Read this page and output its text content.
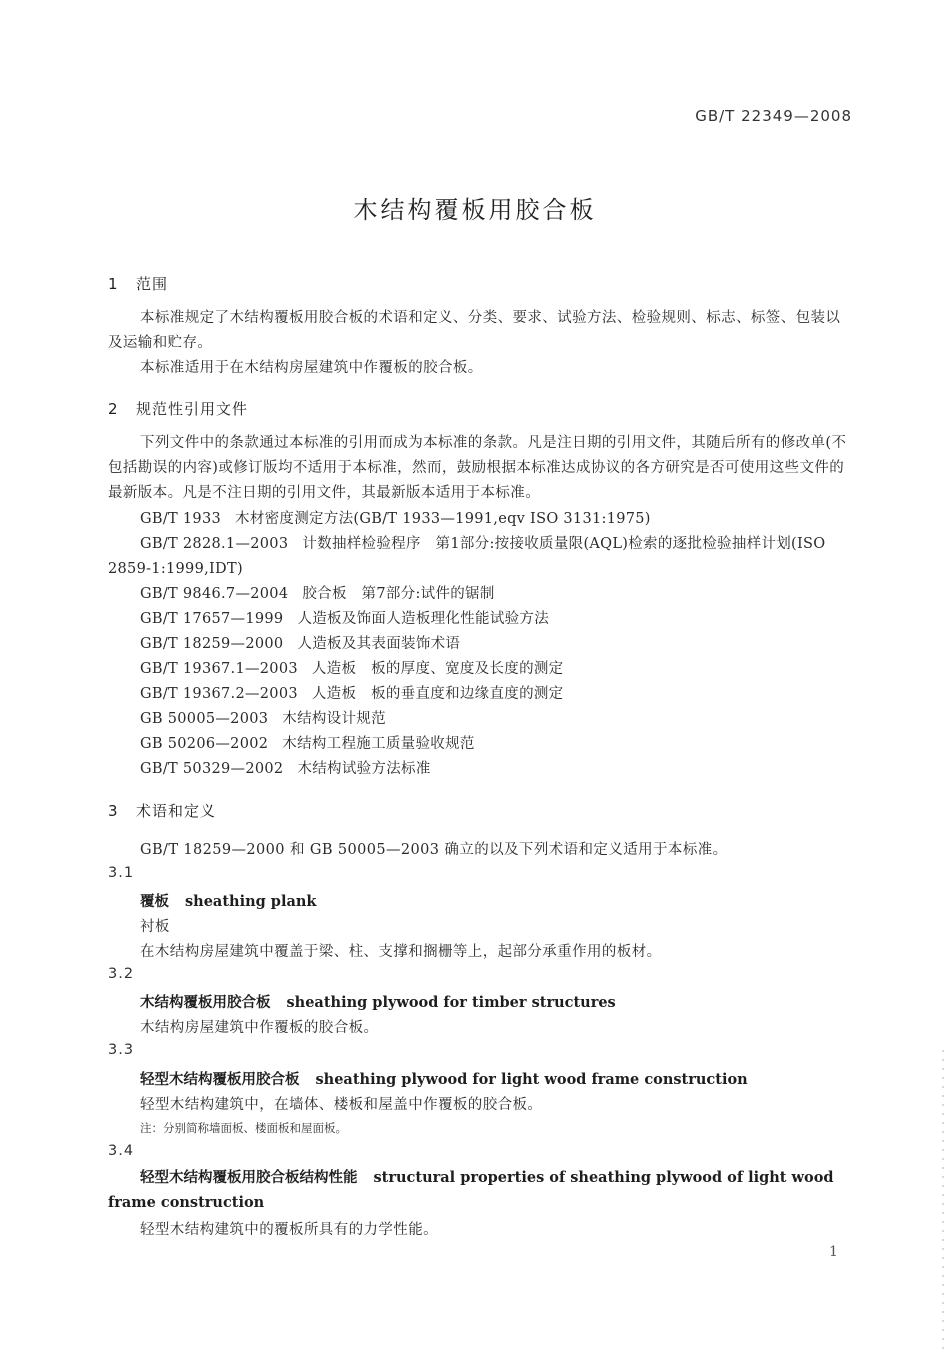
GB/T 22349—2008
木结构覆板用胶合板
1 范围
本标准规定了木结构覆板用胶合板的术语和定义、分类、要求、试验方法、检验规则、标志、标签、包装以及运输和贮存。
本标准适用于在木结构房屋建筑中作覆板的胶合板。
2 规范性引用文件
下列文件中的条款通过本标准的引用而成为本标准的条款。凡是注日期的引用文件，其随后所有的修改单(不包括勘误的内容)或修订版均不适用于本标准，然而，鼓励根据本标准达成协议的各方研究是否可使用这些文件的最新版本。凡是不注日期的引用文件，其最新版本适用于本标准。
GB/T 1933 木材密度测定方法(GB/T 1933—1991,eqv ISO 3131:1975)
GB/T 2828.1—2003 计数抽样检验程序　第1部分:按接收质量限(AQL)检索的逐批检验抽样计划(ISO 2859-1:1999,IDT)
GB/T 9846.7—2004 胶合板　第7部分:试件的锯制
GB/T 17657—1999 人造板及饰面人造板理化性能试验方法
GB/T 18259—2000 人造板及其表面装饰术语
GB/T 19367.1—2003 人造板　板的厚度、宽度及长度的测定
GB/T 19367.2—2003 人造板　板的垂直度和边缘直度的测定
GB 50005—2003 木结构设计规范
GB 50206—2002 木结构工程施工质量验收规范
GB/T 50329—2002 木结构试验方法标准
3 术语和定义
GB/T 18259—2000 和 GB 50005—2003 确立的以及下列术语和定义适用于本标准。
3.1
覆板 sheathing plank
衬板
在木结构房屋建筑中覆盖于梁、柱、支撑和搁栅等上，起部分承重作用的板材。
3.2
木结构覆板用胶合板 sheathing plywood for timber structures
木结构房屋建筑中作覆板的胶合板。
3.3
轻型木结构覆板用胶合板 sheathing plywood for light wood frame construction
轻型木结构建筑中，在墙体、楼板和屋盖中作覆板的胶合板。
注：分别简称墙面板、楼面板和屋面板。
3.4
轻型木结构覆板用胶合板结构性能 structural properties of sheathing plywood of light wood frame construction
轻型木结构建筑中的覆板所具有的力学性能。
1
